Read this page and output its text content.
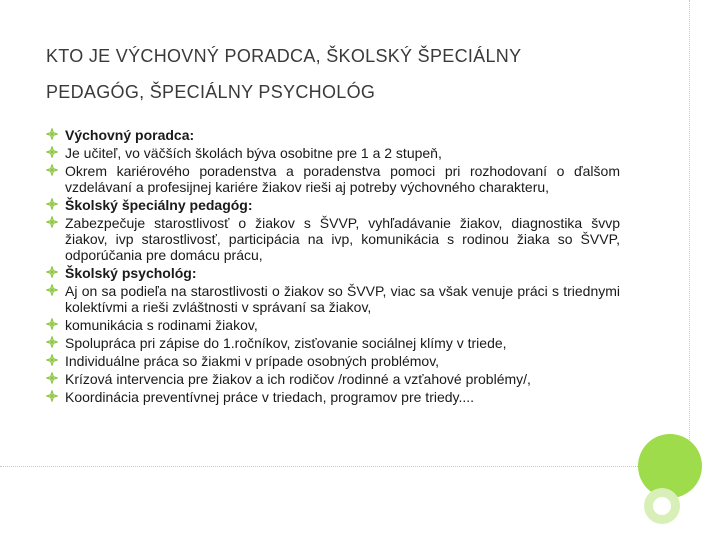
KTO JE VÝCHOVNÝ PORADCA, ŠKOLSKÝ ŠPECIÁLNY
PEDAGÓG, ŠPECIÁLNY PSYCHOLÓG
Výchovný poradca:
Je učiteľ, vo väčších školách býva osobitne pre 1 a 2 stupeň,
Okrem kariérového poradenstva a poradenstva pomoci pri rozhodovaní o ďalšom vzdelávaní a profesijnej kariére žiakov rieši aj potreby výchovného charakteru,
Školský špeciálny pedagóg:
Zabezpečuje starostlivosť o žiakov s ŠVVP, vyhľadávanie žiakov, diagnostika švvp žiakov, ivp starostlivosť, participácia na ivp, komunikácia s rodinou žiaka so ŠVVP, odporúčania pre domácu prácu,
Školský psychológ:
Aj on sa podieľa na starostlivosti o žiakov so ŠVVP, viac sa však venuje práci s triednymi kolektívmi a rieši zvláštnosti v správaní sa žiakov,
komunikácia s rodinami žiakov,
Spolupráca pri zápise do 1.ročníkov, zisťovanie sociálnej klímy v triede,
Individuálne práca so žiakmi v prípade osobných problémov,
Krízová intervencia pre žiakov a ich rodičov /rodinné a vzťahové problémy/,
Koordinácia preventívnej práce v triedach, programov pre triedy....
